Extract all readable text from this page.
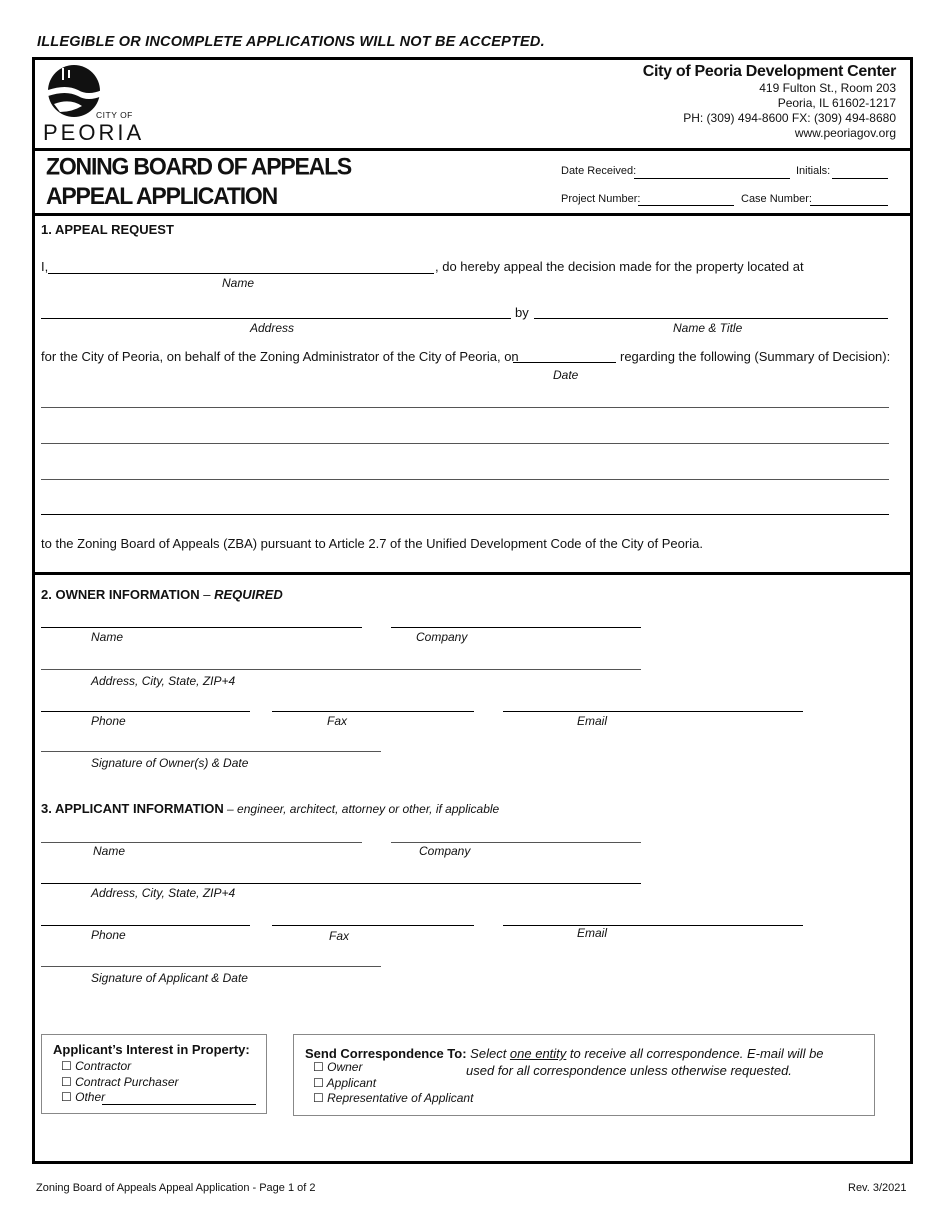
ILLEGIBLE OR INCOMPLETE APPLICATIONS WILL NOT BE ACCEPTED.
CITY OF
PEORIA
City of Peoria Development Center
419 Fulton St., Room 203
Peoria, IL 61602-1217
PH: (309) 494-8600 FX: (309) 494-8680
www.peoriagov.org
ZONING BOARD OF APPEALS
APPEAL APPLICATION
Date Received:	Initials:
Project Number:	Case Number:
1. APPEAL REQUEST
I,	, do hereby appeal the decision made for the property located at
Name
by
Address	Name & Title
for the City of Peoria, on behalf of the Zoning Administrator of the City of Peoria, on	regarding the following (Summary of Decision):
Date
to the Zoning Board of Appeals (ZBA) pursuant to Article 2.7 of the Unified Development Code of the City of Peoria.
2. OWNER INFORMATION – REQUIRED
Name	Company
Address, City, State, ZIP+4
Phone	Fax	Email
Signature of Owner(s) & Date
3. APPLICANT INFORMATION – engineer, architect, attorney or other, if applicable
Name	Company
Address, City, State, ZIP+4
Phone	Fax	Email
Signature of Applicant & Date
Applicant’s Interest in Property:
☐ Contractor
☐ Contract Purchaser
☐ Other
Send Correspondence To: Select one entity to receive all correspondence. E-mail will be
used for all correspondence unless otherwise requested.
☐ Owner
☐ Applicant
☐ Representative of Applicant
Zoning Board of Appeals Appeal Application - Page 1 of 2	Rev. 3/2021
